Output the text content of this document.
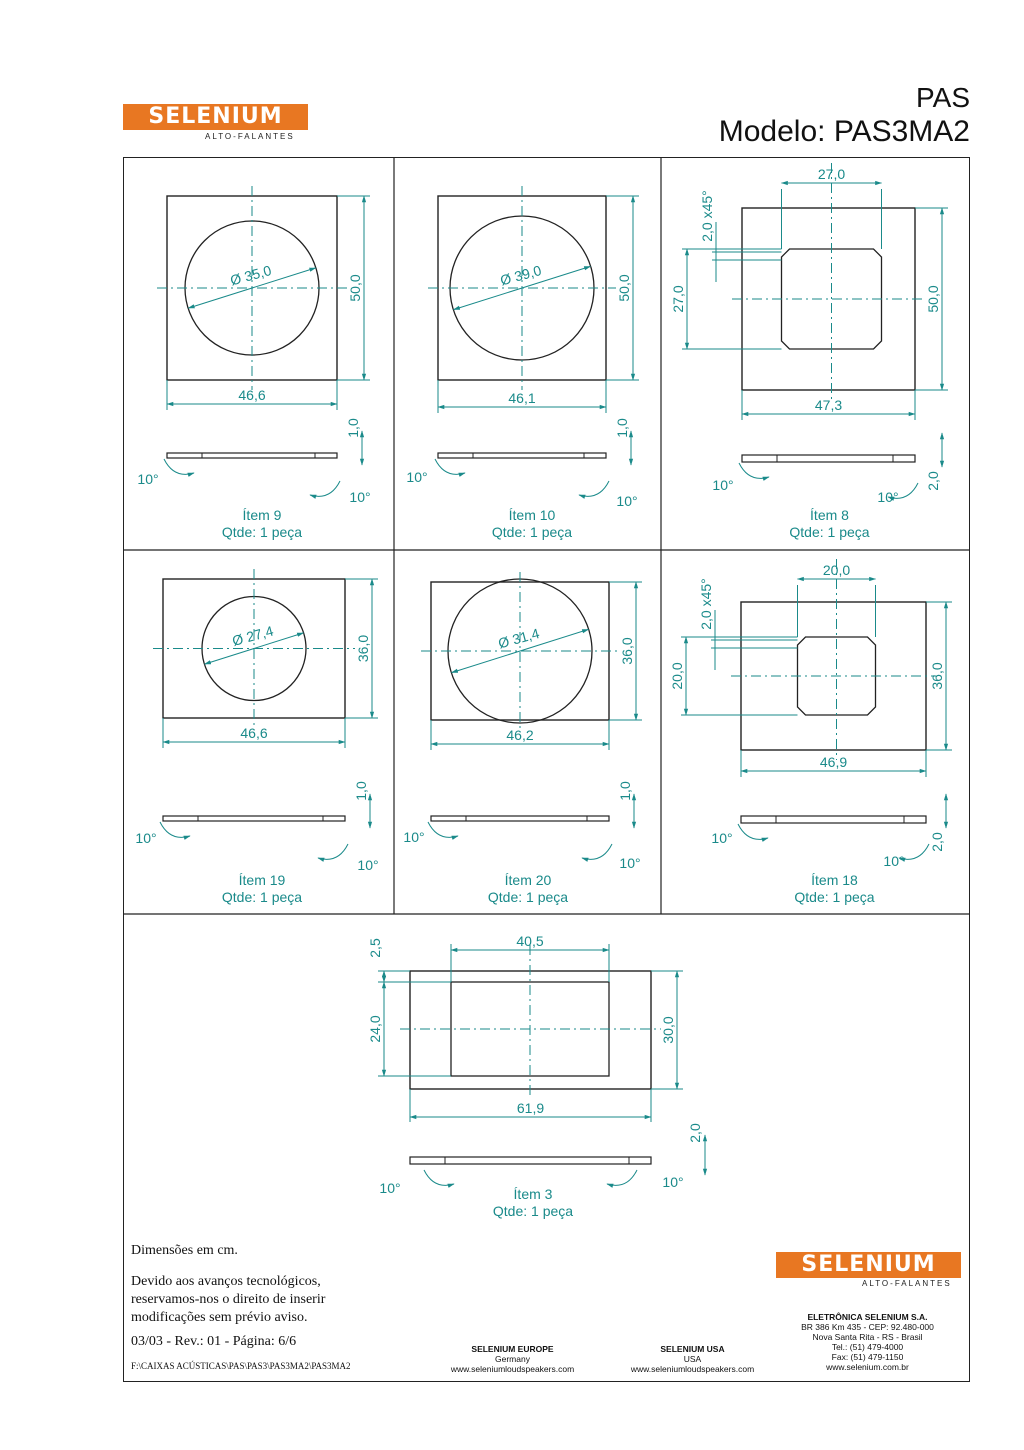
SELENIUM
ALTO-FALANTES
PAS
Modelo: PAS3MA2
Ø 35,0	50,0
46,6
1,0
10°
10°
Ítem 9
Qtde: 1 peça
Ø 39,0	50,0
46,1
1,0
10°
10°
Ítem 10
Qtde: 1 peça
Ø 27,4	36,0
46,6
1,0
10°
10°
Ítem 19
Qtde: 1 peça
Ø 31,4	36,0
46,2
1,0
10°
10°
Ítem 20
Qtde: 1 peça
27,0
27,0
2,0 x45°
50,0
47,3
2,0
10°
10°
Ítem 8
Qtde: 1 peça
20,0
20,0
2,0 x45°
36,0
46,9
2,0
10°
10°
Ítem 18
Qtde: 1 peça
40,5
24,0
2,5
30,0
61,9
2,0
10°	10°
Ítem 3
Qtde: 1 peça
Dimensões em cm.
Devido aos avanços tecnológicos,
reservamos-nos o direito de inserir
modificações sem prévio aviso.
03/03 - Rev.: 01 - Página: 6/6
F:\CAIXAS ACÚSTICAS\PAS\PAS3\PAS3MA2\PAS3MA2
SELENIUM EUROPE
Germany
www.seleniumloudspeakers.com
SELENIUM USA
USA
www.seleniumloudspeakers.com
SELENIUM
ALTO-FALANTES
ELETRÔNICA SELENIUM S.A.
BR 386 Km 435 - CEP: 92.480-000
Nova Santa Rita - RS - Brasil
Tel.: (51) 479-4000
Fax: (51) 479-1150
www.selenium.com.br
